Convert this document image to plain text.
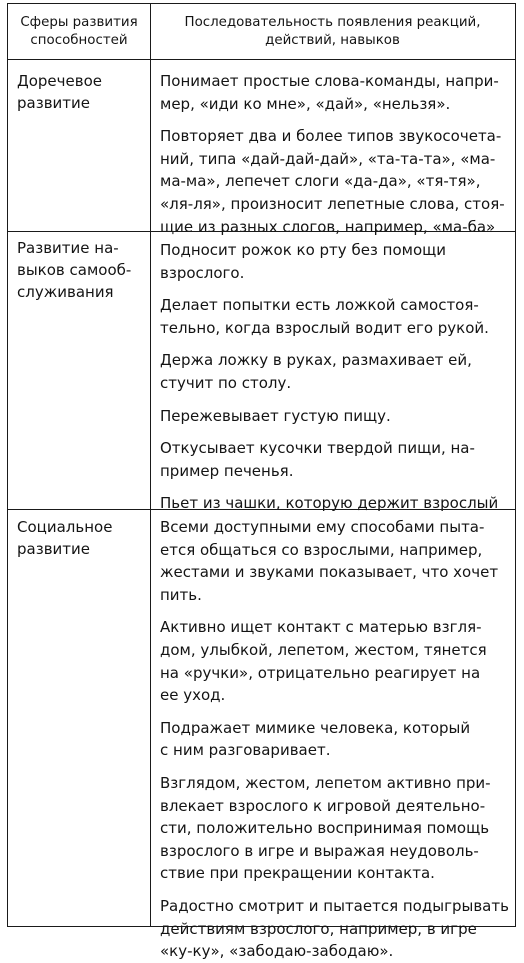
Сферы развития
способностей
Последовательность появления реакций,
действий, навыков
Доречевое
развитие

Понимает простые слова-команды, напри-
мер, «иди ко мне», «дай», «нельзя».

Повторяет два и более типов звукосочета-
ний, типа «дай-дай-дай», «та-та-та», «ма-
ма-ма», лепечет слоги «да-да», «тя-тя»,
«ля-ля», произносит лепетные слова, стоя-
щие из разных слогов, например, «ма-ба»

Развитие на-
выков самооб-
служивания

Подносит рожок ко рту без помощи
взрослого.

Делает попытки есть ложкой самостоя-
тельно, когда взрослый водит его рукой.

Держа ложку в руках, размахивает ей,
стучит по столу.

Пережевывает густую пищу.

Откусывает кусочки твердой пищи, на-
пример печенья.

Пьет из чашки, которую держит взрослый

Социальное
развитие

Всеми доступными ему способами пыта-
ется общаться со взрослыми, например,
жестами и звуками показывает, что хочет
пить.

Активно ищет контакт с матерью взгля-
дом, улыбкой, лепетом, жестом, тянется
на «ручки», отрицательно реагирует на
ее уход.

Подражает мимике человека, который
с ним разговаривает.

Взглядом, жестом, лепетом активно при-
влекает взрослого к игровой деятельно-
сти, положительно воспринимая помощь
взрослого в игре и выражая неудоволь-
ствие при прекращении контакта.

Радостно смотрит и пытается подыгрывать
действиям взрослого, например, в игре
«ку-ку», «забодаю-забодаю».
